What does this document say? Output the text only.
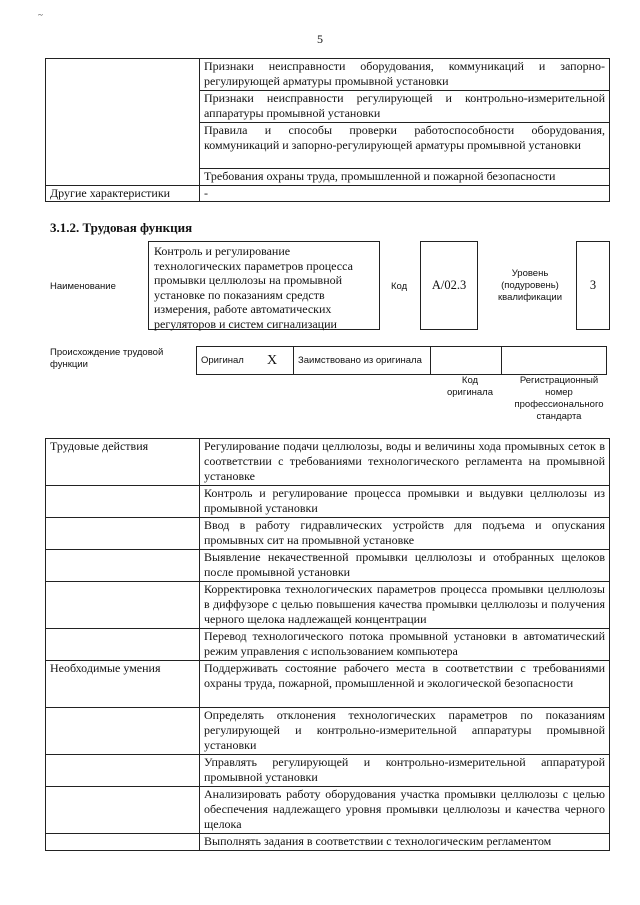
~
5
	Признаки неисправности оборудования, коммуникаций и запорно-регулирующей арматуры промывной установки
	Признаки неисправности регулирующей и контрольно-измерительной аппаратуры промывной установки
	Правила и способы проверки работоспособности оборудования, коммуникаций и запорно-регулирующей арматуры промывной установки
	Требования охраны труда, промышленной и пожарной безопасности
Другие характеристики	-
3.1.2. Трудовая функция
Наименование
Контроль и регулирование технологических параметров процесса промывки целлюлозы на промывной установке по показаниям средств измерения, работе автоматических регуляторов и систем сигнализации
Код	А/02.3
Уровень (подуровень) квалификации
3
Происхождение трудовой функции	Оригинал	X	Заимствовано из оригинала		
Код оригинала
Регистрационный номер профессионального стандарта
Трудовые действия	Регулирование подачи целлюлозы, воды и величины хода промывных сеток в соответствии с требованиями технологического регламента на промывной установке
	Контроль и регулирование процесса промывки и выдувки целлюлозы из промывной установки
	Ввод в работу гидравлических устройств для подъема и опускания промывных сит на промывной установке
	Выявление некачественной промывки целлюлозы и отобранных щелоков после промывной установки
	Корректировка технологических параметров процесса промывки целлюлозы в диффузоре с целью повышения качества промывки целлюлозы и получения черного щелока надлежащей концентрации
	Перевод технологического потока промывной установки в автоматический режим управления с использованием компьютера
Необходимые умения	Поддерживать состояние рабочего места в соответствии с требованиями охраны труда, пожарной, промышленной и экологической безопасности
	Определять отклонения технологических параметров по показаниям регулирующей и контрольно-измерительной аппаратуры промывной установки
	Управлять регулирующей и контрольно-измерительной аппаратурой промывной установки
	Анализировать работу оборудования участка промывки целлюлозы с целью обеспечения надлежащего уровня промывки целлюлозы и качества черного щелока
	Выполнять задания в соответствии с технологическим регламентом
